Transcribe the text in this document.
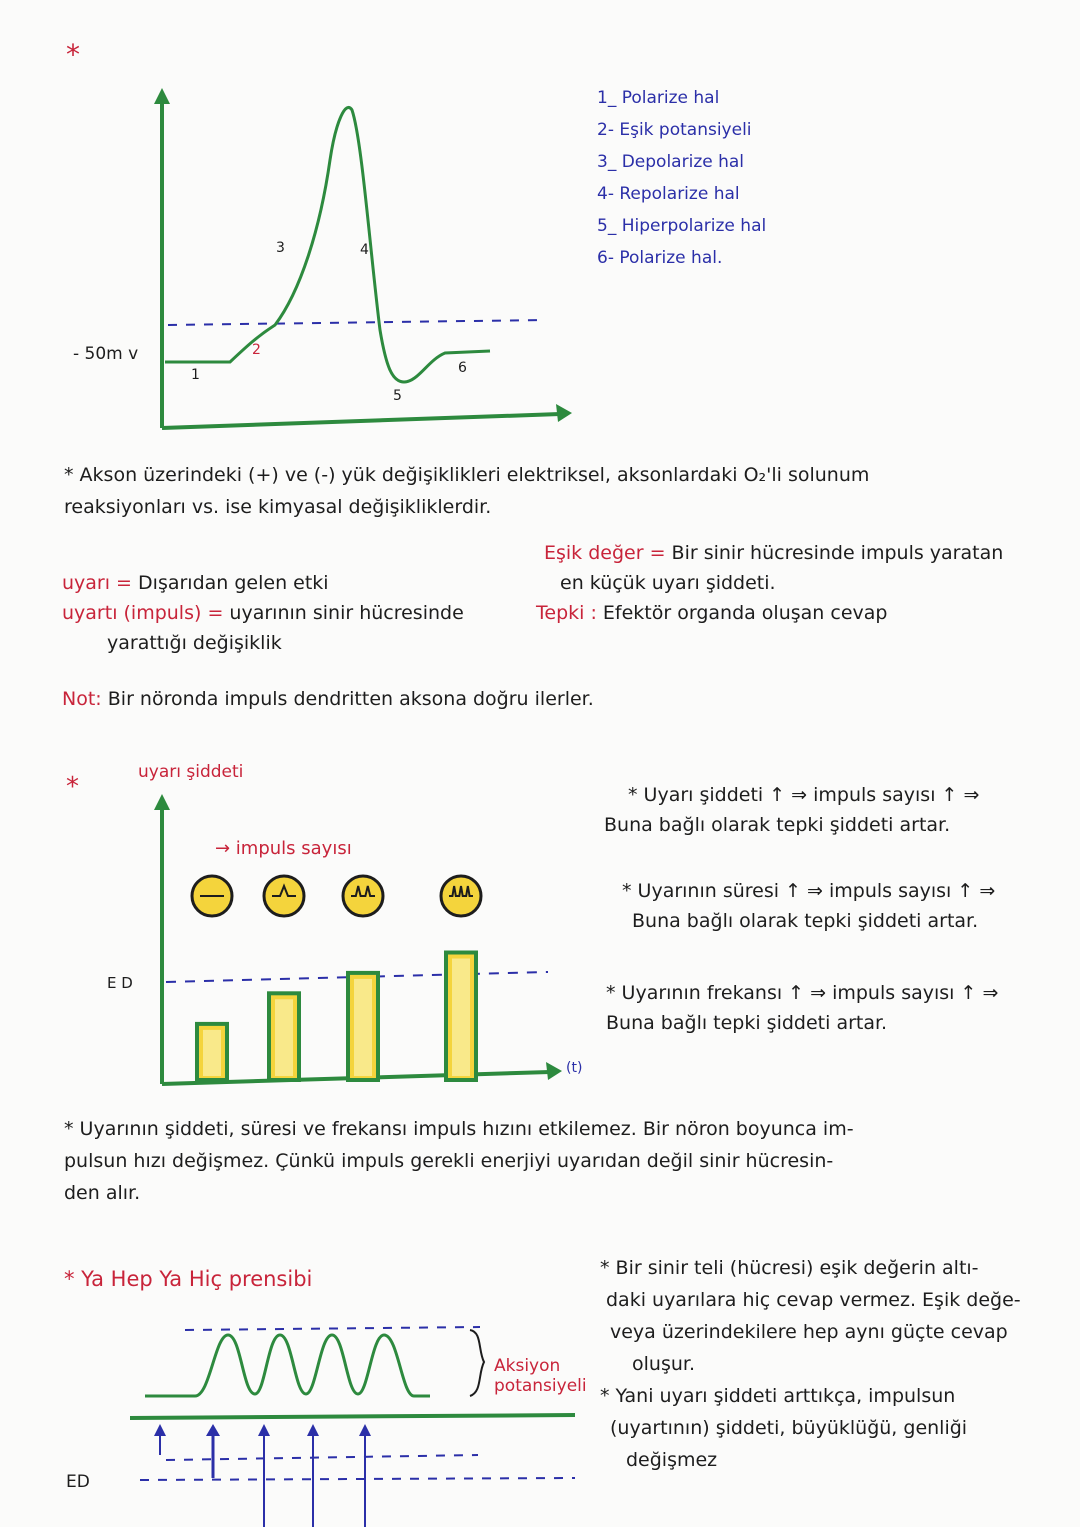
*
- 50m v
1
2
3	4
5
6
1_ Polarize hal
2- Eşik potansiyeli
3_ Depolarize hal
4- Repolarize hal
5_ Hiperpolarize hal
6- Polarize hal.
* Akson üzerindeki (+) ve (-) yük değişiklikleri elektriksel, aksonlardaki O₂'li solunum
reaksiyonları vs. ise kimyasal değişikliklerdir.
uyarı = Dışarıdan gelen etki
uyartı (impuls) = uyarının sinir hücresinde
yarattığı değişiklik
Eşik değer = Bir sinir hücresinde impuls yaratan
en küçük uyarı şiddeti.
Tepki : Efektör organda oluşan cevap
Not: Bir nöronda impuls dendritten aksona doğru ilerler.
*	uyarı şiddeti
→ impuls sayısı
E D
(t)
* Uyarı şiddeti ↑ ⇒ impuls sayısı ↑ ⇒
Buna bağlı olarak tepki şiddeti artar.
* Uyarının süresi ↑ ⇒ impuls sayısı ↑ ⇒
Buna bağlı olarak tepki şiddeti artar.
* Uyarının frekansı ↑ ⇒ impuls sayısı ↑ ⇒
Buna bağlı tepki şiddeti artar.
* Uyarının şiddeti, süresi ve frekansı impuls hızını etkilemez. Bir nöron boyunca im-
pulsun hızı değişmez. Çünkü impuls gerekli enerjiyi uyarıdan değil sinir hücresin-
den alır.
* Ya Hep Ya Hiç prensibi
Aksiyon
potansiyeli
ED
* Bir sinir teli (hücresi) eşik değerin altı-
daki uyarılara hiç cevap vermez. Eşik değe-
veya üzerindekilere hep aynı güçte cevap
oluşur.
* Yani uyarı şiddeti arttıkça, impulsun
(uyartının) şiddeti, büyüklüğü, genliği
değişmez
